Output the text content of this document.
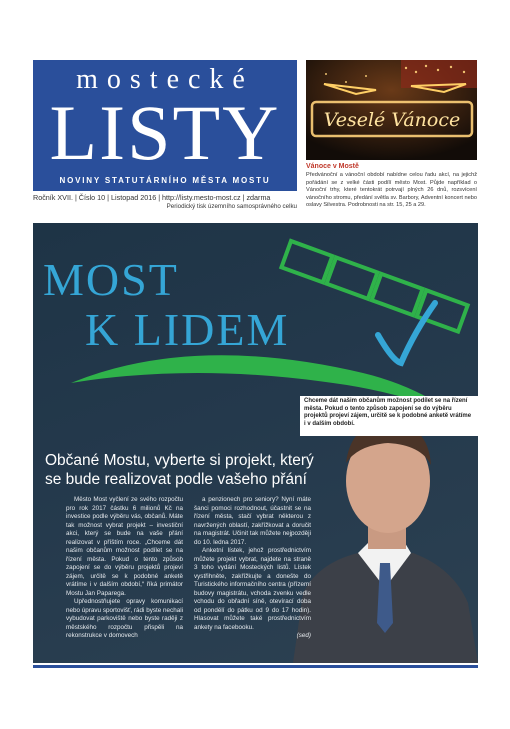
mostecké
LISTY
NOVINY STATUTÁRNÍHO MĚSTA MOSTU
Ročník XVII. | Číslo 10 | Listopad 2016 | http://listy.mesto-most.cz | zdarma
Periodický tisk územního samosprávného celku
Veselé Vánoce
Vánoce v Mostě
Předvánoční a vánoční období nabídne celou řadu akcí, na jejichž pořádání se z velké části podílí město Most. Půjde například o Vánoční trhy, které tentokrát potrvají plných 26 dnů, rozsvícení vánočního stromu, předání světla sv. Barbory, Adventní koncert nebo oslavy Silvestra. Podrobnosti na str. 15, 25 a 29.
MOST
K LIDEM
Občané Mostu, vyberte si projekt, který se bude realizovat podle vašeho přání

Město Most vyčlení ze svého rozpočtu pro rok 2017 částku 6 milionů Kč na investice podle výběru vás, občanů. Máte tak možnost vybrat projekt – investiční akci, který se bude na vaše přání realizovat v příštím roce. „Chceme dát našim občanům možnost podílet se na řízení města. Pokud o tento způsob zapojení se do výběru projektů projeví zájem, určitě se k podobné anketě vrátíme i v dalším období,“ říká primátor Mostu Jan Paparega.

Upřednostňujete opravy komunikací nebo úpravu sportovišť, rádi byste nechali vybudovat parkoviště nebo byste raději z městského rozpočtu přispěli na rekonstrukce v domovech

a penzionech pro seniory? Nyní máte šanci pomoci rozhodnout, účastnit se na řízení města, stačí vybrat některou z navržených oblastí, zakřížkovat a doručit na magistrát. Učinit tak můžete nejpozději do 10. ledna 2017.

Anketní lístek, jehož prostřednictvím můžete projekt vybrat, najdete na straně 3 toho vydání Mosteckých listů. Lístek vystřihněte, zakřížkujte a donešte do Turistického informačního centra (přízemí budovy magistrátu, vchoda zvenku vedle vchodu do obřadní síně, otevírací doba od pondělí do pátku od 9 do 17 hodin). Hlasovat můžete také prostřednictvím ankety na facebooku.

(sed)
Chceme dát našim občanům možnost podílet se na řízení města. Pokud o tento způsob zapojení se do výběru projektů projeví zájem, určitě se k podobné anketě vrátíme i v dalším období.
